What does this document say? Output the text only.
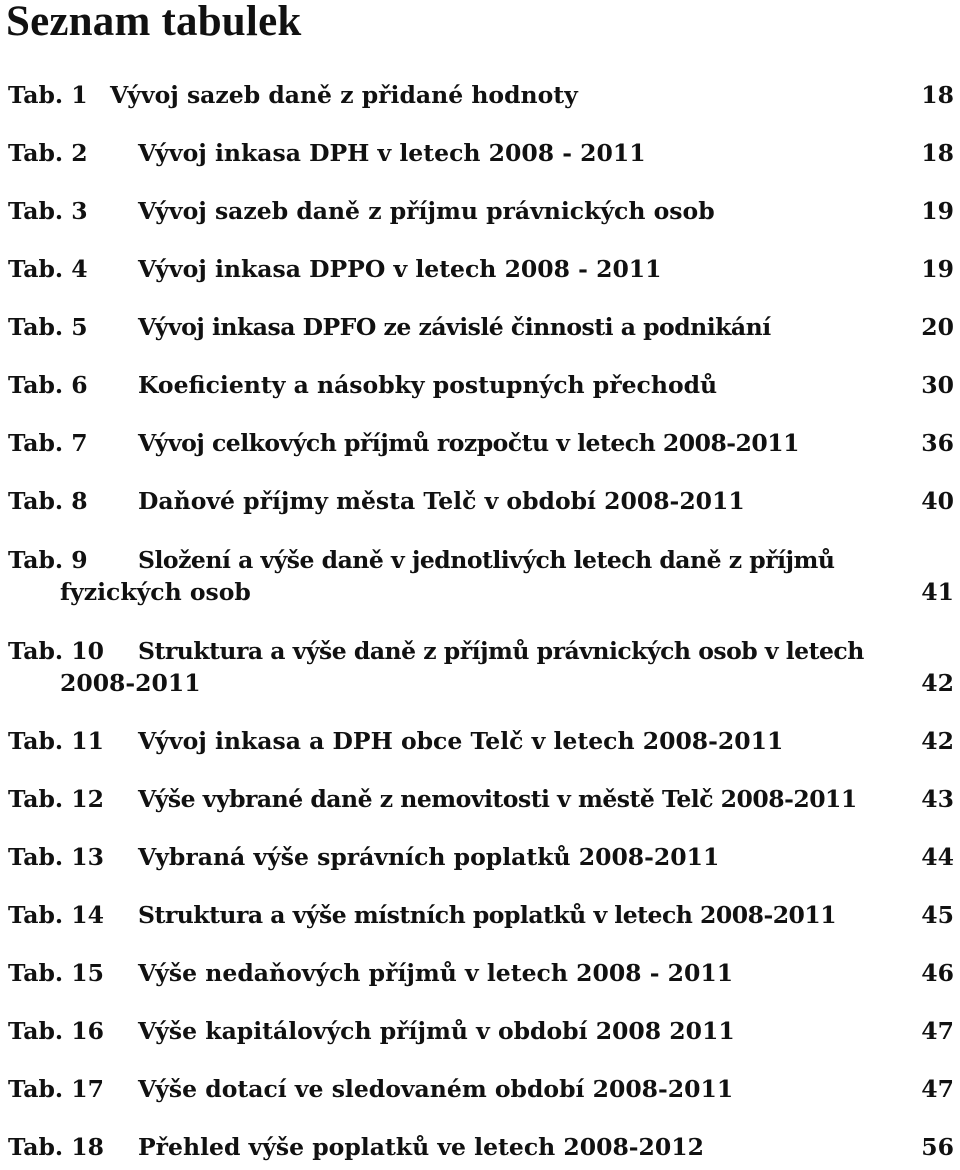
Seznam tabulek
Tab. 1 Vývoj sazeb daně z přidané hodnoty	18
Tab. 2 Vývoj inkasa DPH v letech 2008 - 2011	18
Tab. 3 Vývoj sazeb daně z příjmu právnických osob	19
Tab. 4 Vývoj inkasa DPPO v letech 2008 - 2011	19
Tab. 5 Vývoj inkasa DPFO ze závislé činnosti a podnikání	20
Tab. 6 Koeficienty a násobky postupných přechodů	30
Tab. 7 Vývoj celkových příjmů rozpočtu v letech 2008-2011	36
Tab. 8 Daňové příjmy města Telč v období 2008-2011	40
Tab. 9 Složení a výše daně v jednotlivých letech daně z příjmů
fyzických osob	41
Tab. 10 Struktura a výše daně z příjmů právnických osob v letech
2008-2011	42
Tab. 11 Vývoj inkasa a DPH obce Telč v letech 2008-2011	42
Tab. 12 Výše vybrané daně z nemovitosti v městě Telč 2008-2011	43
Tab. 13 Vybraná výše správních poplatků 2008-2011	44
Tab. 14 Struktura a výše místních poplatků v letech 2008-2011	45
Tab. 15 Výše nedaňových příjmů v letech 2008 - 2011	46
Tab. 16 Výše kapitálových příjmů v období 2008 2011	47
Tab. 17 Výše dotací ve sledovaném období 2008-2011	47
Tab. 18 Přehled výše poplatků ve letech 2008-2012	56
